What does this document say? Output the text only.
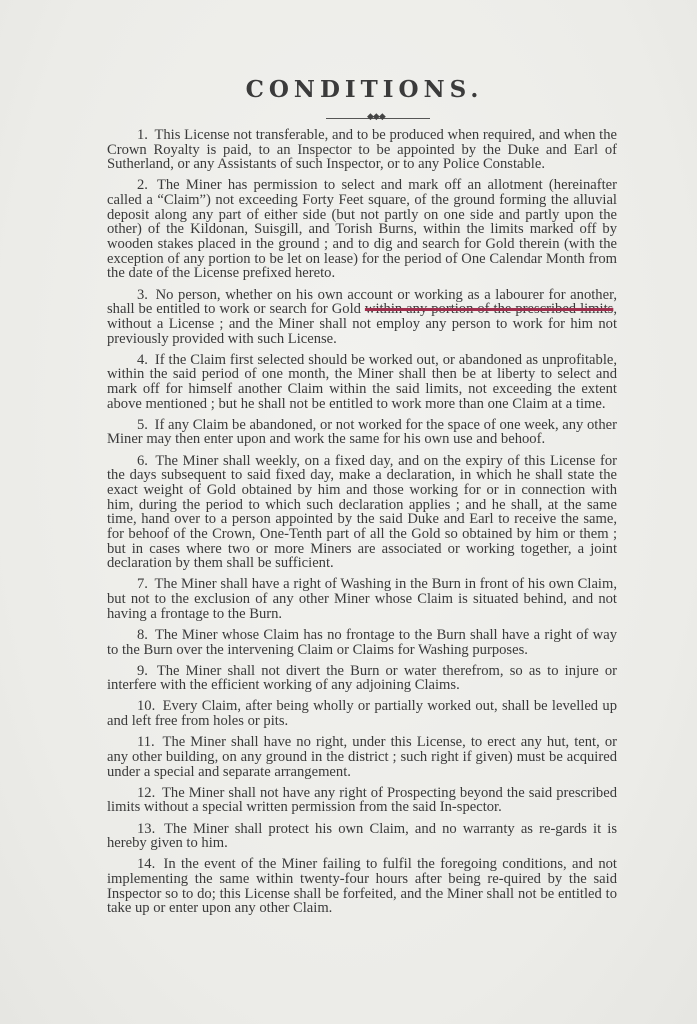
CONDITIONS.
◆◆◆

1. This License not transferable, and to be produced when required, and when the Crown Royalty is paid, to an Inspector to be appointed by the Duke and Earl of Sutherland, or any Assistants of such Inspector, or to any Police Constable.

2. The Miner has permission to select and mark off an allotment (hereinafter called a “Claim”) not exceeding Forty Feet square, of the ground forming the alluvial deposit along any part of either side (but not partly on one side and partly upon the other) of the Kildonan, Suisgill, and Torish Burns, within the limits marked off by wooden stakes placed in the ground ; and to dig and search for Gold therein (with the exception of any portion to be let on lease) for the period of One Calendar Month from the date of the License prefixed hereto.

3. No person, whether on his own account or working as a labourer for another, shall be entitled to work or search for Gold within any portion of the prescribed limits, without a License ; and the Miner shall not employ any person to work for him not previously provided with such License.

4. If the Claim first selected should be worked out, or abandoned as unprofitable, within the said period of one month, the Miner shall then be at liberty to select and mark off for himself another Claim within the said limits, not exceeding the extent above mentioned ; but he shall not be entitled to work more than one Claim at a time.

5. If any Claim be abandoned, or not worked for the space of one week, any other Miner may then enter upon and work the same for his own use and behoof.

6. The Miner shall weekly, on a fixed day, and on the expiry of this License for the days subsequent to said fixed day, make a declaration, in which he shall state the exact weight of Gold obtained by him and those working for or in connection with him, during the period to which such declaration applies ; and he shall, at the same time, hand over to a person appointed by the said Duke and Earl to receive the same, for behoof of the Crown, One-Tenth part of all the Gold so obtained by him or them ; but in cases where two or more Miners are associated or working together, a joint declaration by them shall be sufficient.

7. The Miner shall have a right of Washing in the Burn in front of his own Claim, but not to the exclusion of any other Miner whose Claim is situated behind, and not having a frontage to the Burn.

8. The Miner whose Claim has no frontage to the Burn shall have a right of way to the Burn over the intervening Claim or Claims for Washing purposes.

9. The Miner shall not divert the Burn or water therefrom, so as to injure or interfere with the efficient working of any adjoining Claims.

10. Every Claim, after being wholly or partially worked out, shall be levelled up and left free from holes or pits.

11. The Miner shall have no right, under this License, to erect any hut, tent, or any other building, on any ground in the district ; such right if given) must be acquired under a special and separate arrangement.

12. The Miner shall not have any right of Prospecting beyond the said prescribed limits without a special written permission from the said In-spector.

13. The Miner shall protect his own Claim, and no warranty as re-gards it is hereby given to him.

14. In the event of the Miner failing to fulfil the foregoing conditions, and not implementing the same within twenty-four hours after being re-quired by the said Inspector so to do; this License shall be forfeited, and the Miner shall not be entitled to take up or enter upon any other Claim.
